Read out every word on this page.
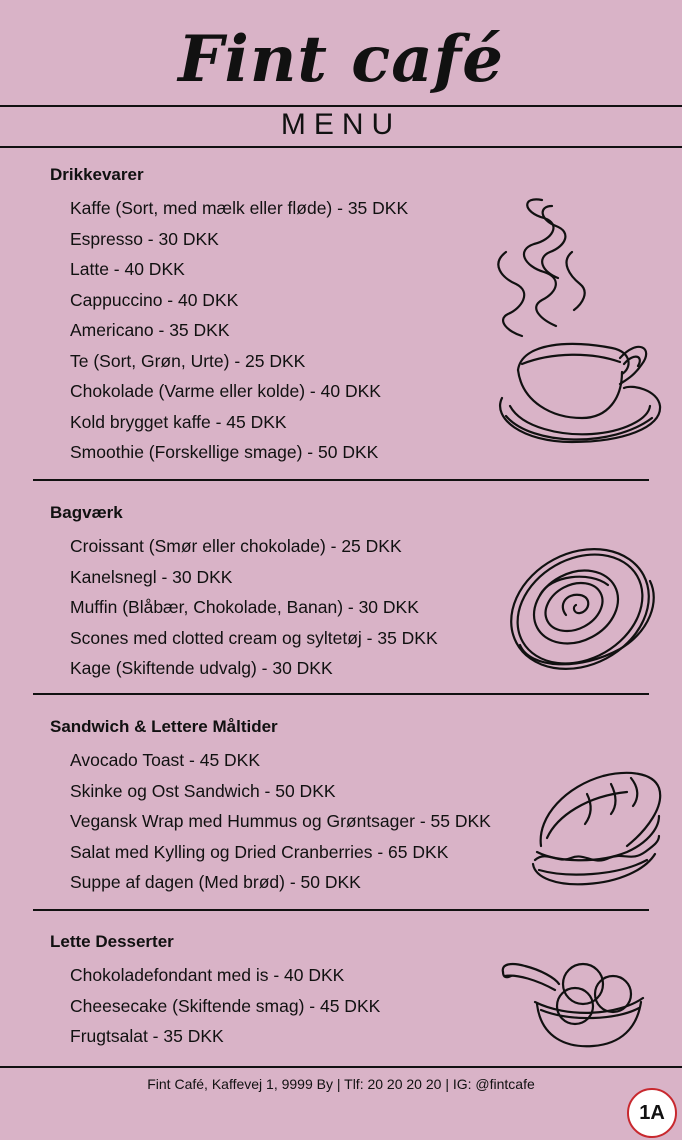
Fint café
MENU
Drikkevarer
Kaffe (Sort, med mælk eller fløde) - 35 DKK
Espresso - 30 DKK
Latte - 40 DKK
Cappuccino - 40 DKK
Americano - 35 DKK
Te (Sort, Grøn, Urte) - 25 DKK
Chokolade (Varme eller kolde) - 40 DKK
Kold brygget kaffe - 45 DKK
Smoothie (Forskellige smage) - 50 DKK
Bagværk
Croissant (Smør eller chokolade) - 25 DKK
Kanelsnegl - 30 DKK
Muffin (Blåbær, Chokolade, Banan) - 30 DKK
Scones med clotted cream og syltetøj - 35 DKK
Kage (Skiftende udvalg) - 30 DKK
Sandwich & Lettere Måltider
Avocado Toast - 45 DKK
Skinke og Ost Sandwich - 50 DKK
Vegansk Wrap med Hummus og Grøntsager - 55 DKK
Salat med Kylling og Dried Cranberries - 65 DKK
Suppe af dagen (Med brød) - 50 DKK
Lette Desserter
Chokoladefondant med is - 40 DKK
Cheesecake (Skiftende smag) - 45 DKK
Frugtsalat - 35 DKK
Fint Café, Kaffevej 1, 9999 By | Tlf: 20 20 20 20 | IG: @fintcafe
1A
